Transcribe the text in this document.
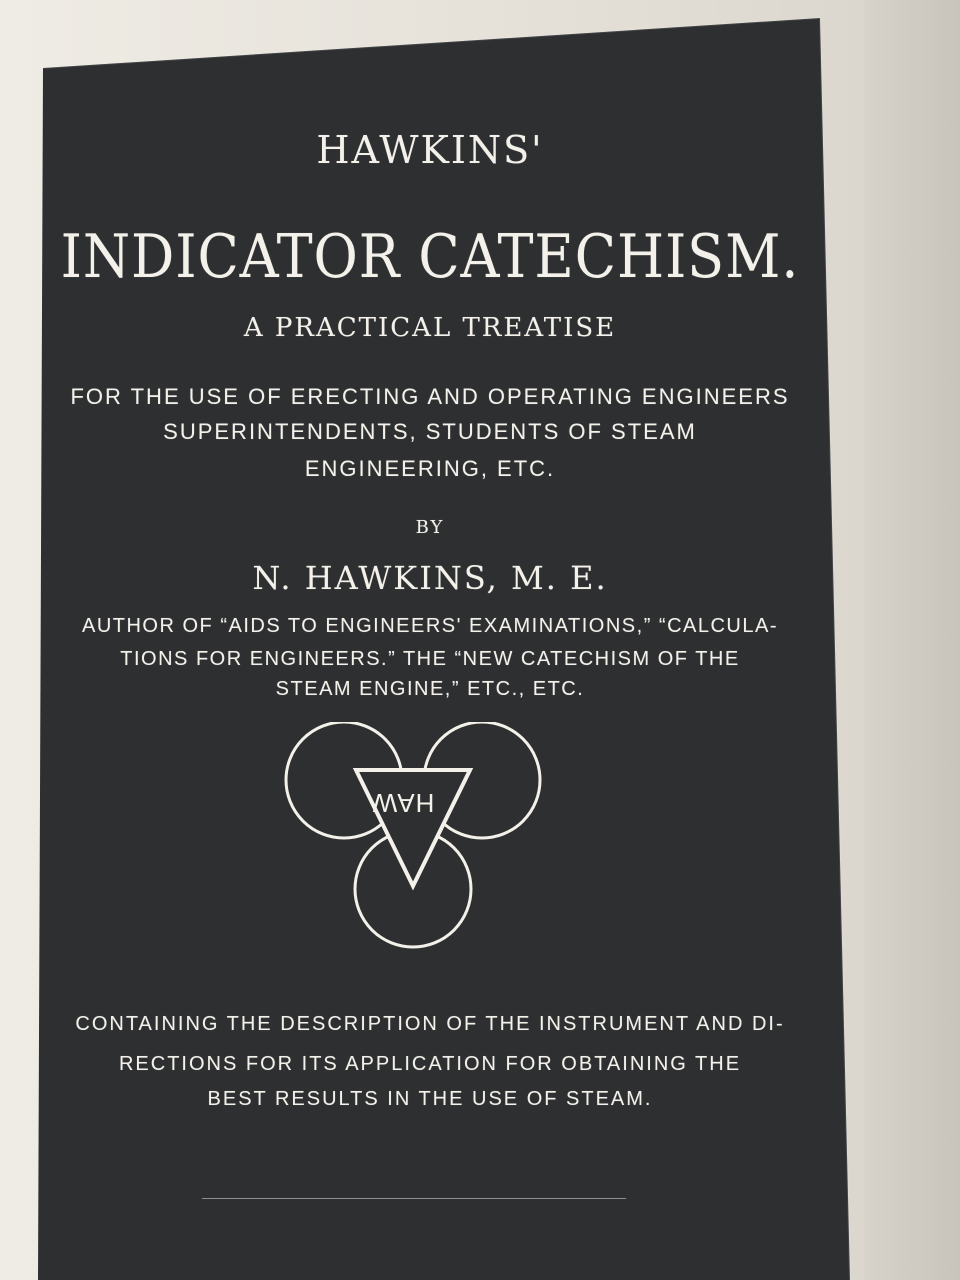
HAWKINS'
INDICATOR CATECHISM.
A PRACTICAL TREATISE
FOR THE USE OF ERECTING AND OPERATING ENGINEERS
SUPERINTENDENTS, STUDENTS OF STEAM
ENGINEERING, ETC.
BY
N. HAWKINS, M. E.
AUTHOR OF “AIDS TO ENGINEERS' EXAMINATIONS,” “CALCULA-
TIONS FOR ENGINEERS.” THE “NEW CATECHISM OF THE
STEAM ENGINE,” ETC., ETC.
HAW
CONTAINING THE DESCRIPTION OF THE INSTRUMENT AND DI-
RECTIONS FOR ITS APPLICATION FOR OBTAINING THE
BEST RESULTS IN THE USE OF STEAM.
